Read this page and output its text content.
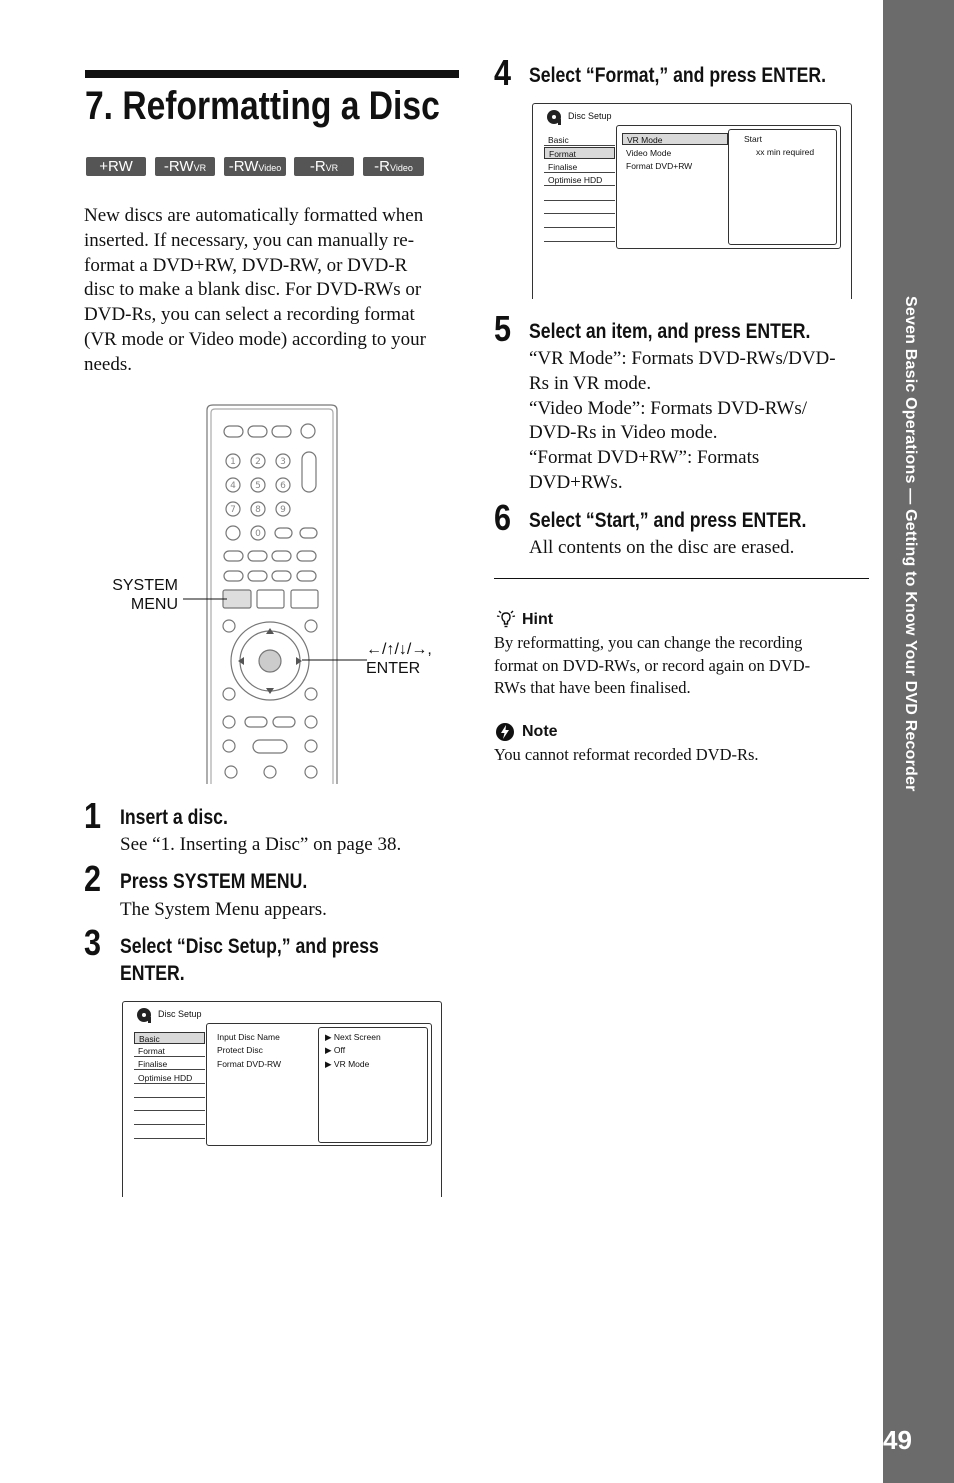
Seven Basic Operations — Getting to Know Your DVD Recorder
49
7. Reformatting a Disc
+RW	-RWVR	-RWVideo	-RVR	-RVideo
New discs are automatically formatted when
inserted. If necessary, you can manually re-
format a DVD+RW, DVD-RW, or DVD-R
disc to make a blank disc. For DVD-RWs or
DVD-Rs, you can select a recording format
(VR mode or Video mode) according to your
needs.
1 2 3
4 5 6
7 8 9
0
SYSTEM
MENU
←/↑/↓/→,
ENTER
1 Insert a disc.
See “1. Inserting a Disc” on page 38.
2 Press SYSTEM MENU.
The System Menu appears.
3 Select “Disc Setup,” and press
ENTER.
Disc Setup
Basic
Format
Finalise
Optimise HDD
Input Disc Name
Protect Disc
Format DVD-RW
▶ Next Screen
▶ Off
▶ VR Mode
4 Select “Format,” and press ENTER.
Disc Setup
Basic
Format
Finalise
Optimise HDD
VR Mode
Video Mode
Format DVD+RW
Start
xx min required
5 Select an item, and press ENTER.
“VR Mode”: Formats DVD-RWs/DVD-
Rs in VR mode.
“Video Mode”: Formats DVD-RWs/
DVD-Rs in Video mode.
“Format DVD+RW”: Formats
DVD+RWs.
6 Select “Start,” and press ENTER.
All contents on the disc are erased.
Hint
By reformatting, you can change the recording
format on DVD-RWs, or record again on DVD-
RWs that have been finalised.
Note
You cannot reformat recorded DVD-Rs.
